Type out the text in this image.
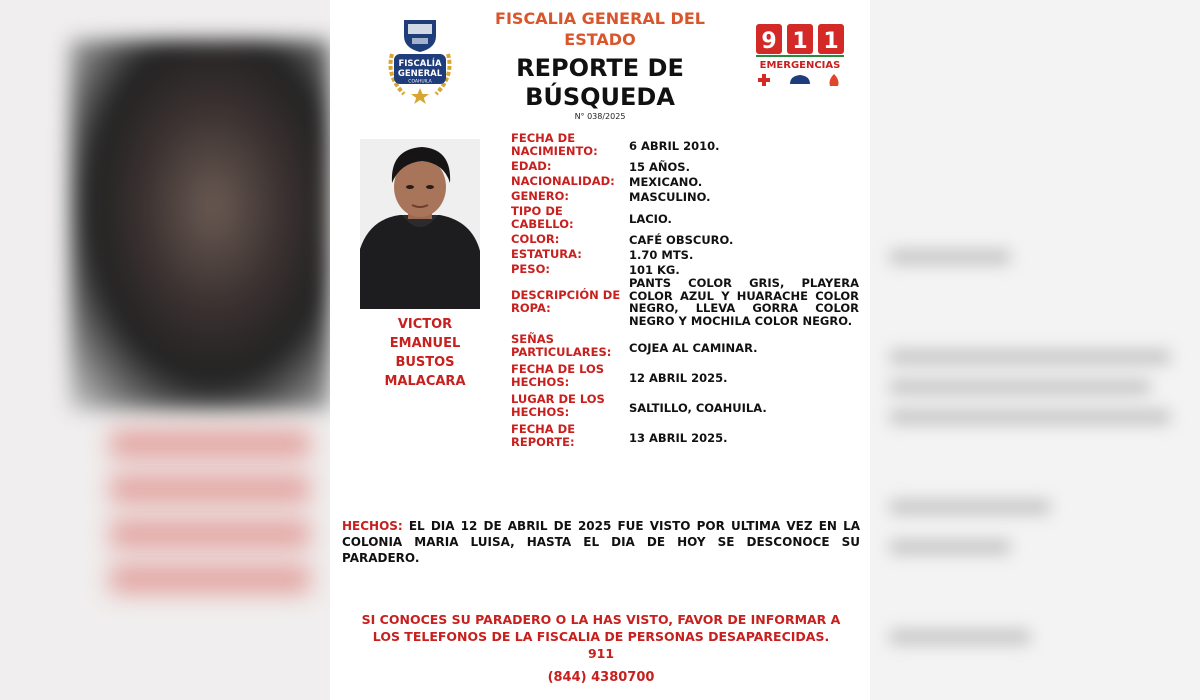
FISCALÍA
GENERAL
COAHUILA
FISCALIA GENERAL DEL
ESTADO
REPORTE DE
BÚSQUEDA
N° 038/2025
9 1 1
EMERGENCIAS
VICTOR
EMANUEL
BUSTOS
MALACARA
FECHA DE NACIMIENTO:	6 ABRIL 2010.
EDAD:	15 AÑOS.
NACIONALIDAD:	MEXICANO.
GENERO:	MASCULINO.
TIPO DE CABELLO:	LACIO.
COLOR:	CAFÉ OBSCURO.
ESTATURA:	1.70 MTS.
PESO:	101 KG.
DESCRIPCIÓN DE ROPA:
PANTS COLOR GRIS, PLAYERA COLOR AZUL Y HUARACHE COLOR NEGRO, LLEVA GORRA COLOR NEGRO Y MOCHILA COLOR NEGRO.
SEÑAS PARTICULARES:	COJEA AL CAMINAR.
FECHA DE LOS HECHOS:	12 ABRIL 2025.
LUGAR DE LOS HECHOS:	SALTILLO, COAHUILA.
FECHA DE REPORTE:	13 ABRIL 2025.
HECHOS: EL DIA 12 DE ABRIL DE 2025 FUE VISTO POR ULTIMA VEZ EN LA COLONIA MARIA LUISA, HASTA EL DIA DE HOY SE DESCONOCE SU PARADERO.
SI CONOCES SU PARADERO O LA HAS VISTO, FAVOR DE INFORMAR A
LOS TELEFONOS DE LA FISCALIA DE PERSONAS DESAPARECIDAS.
911
(844) 4380700
